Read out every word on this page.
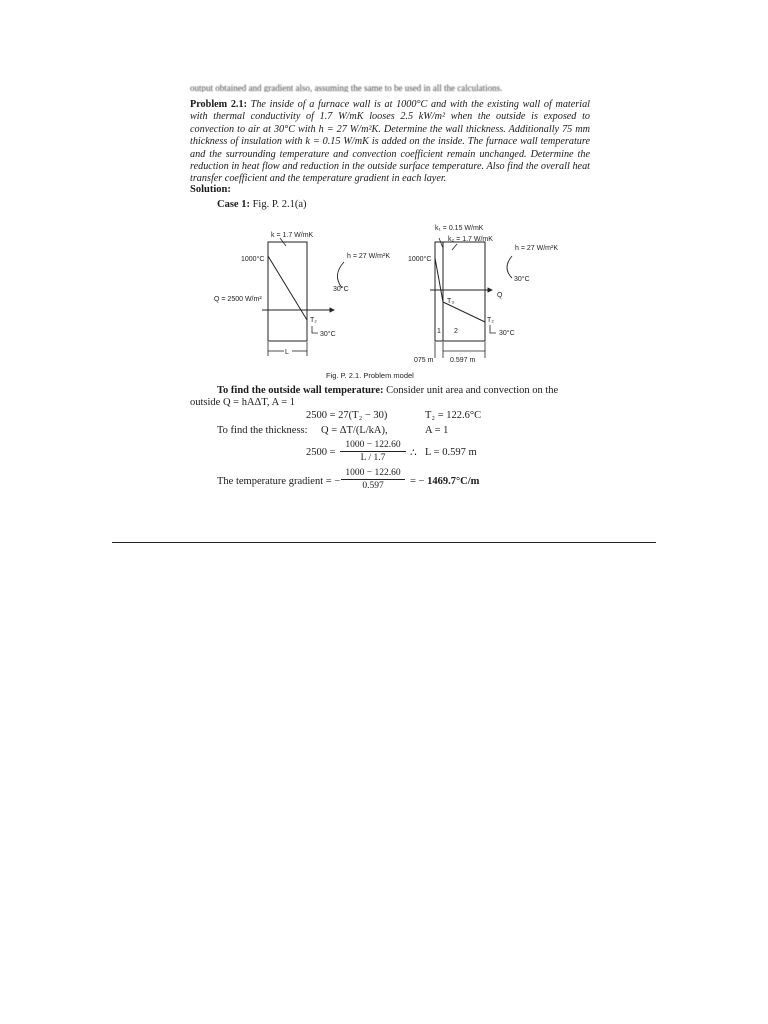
output obtained and gradient also, assuming the same to be used in all the calculations.
Problem 2.1: The inside of a furnace wall is at 1000°C and with the existing wall of material with thermal conductivity of 1.7 W/mK looses 2.5 kW/m² when the outside is exposed to convection to air at 30°C with h = 27 W/m²K. Determine the wall thickness. Additionally 75 mm thickness of insulation with k = 0.15 W/mK is added on the inside. The furnace wall temperature and the surrounding temperature and convection coefficient remain unchanged. Determine the reduction in heat flow and reduction in the outside surface temperature. Also find the overall heat transfer coefficient and the temperature gradient in each layer.
Solution:
Case 1: Fig. P. 2.1(a)
k = 1.7 W/mK
1000°C	h = 27 W/m²K
30°C
Q = 2500 W/m²
T₂
30°C
L
k₁ = 0.15 W/mK
k₂ = 1.7 W/mK
1000°C
h = 27 W/m²K
30°C
Q
T₃
T₂
30°C
1 2
075 m 0.597 m
Fig. P. 2.1. Problem model
To find the outside wall temperature: Consider unit area and convection on the
outside Q = hAΔT, A = 1
2500 = 27(T₂ − 30)	T₂ = 122.6°C
To find the thickness: Q = ΔT/(L/kA),	A = 1
$2500 = \frac{1000 - 122.60}{L / 1.7}$ ∴ L = 0.597 m
The temperature gradient = − $\frac{1000 - 122.60}{0.597}$ = − 1469.7°C/m
